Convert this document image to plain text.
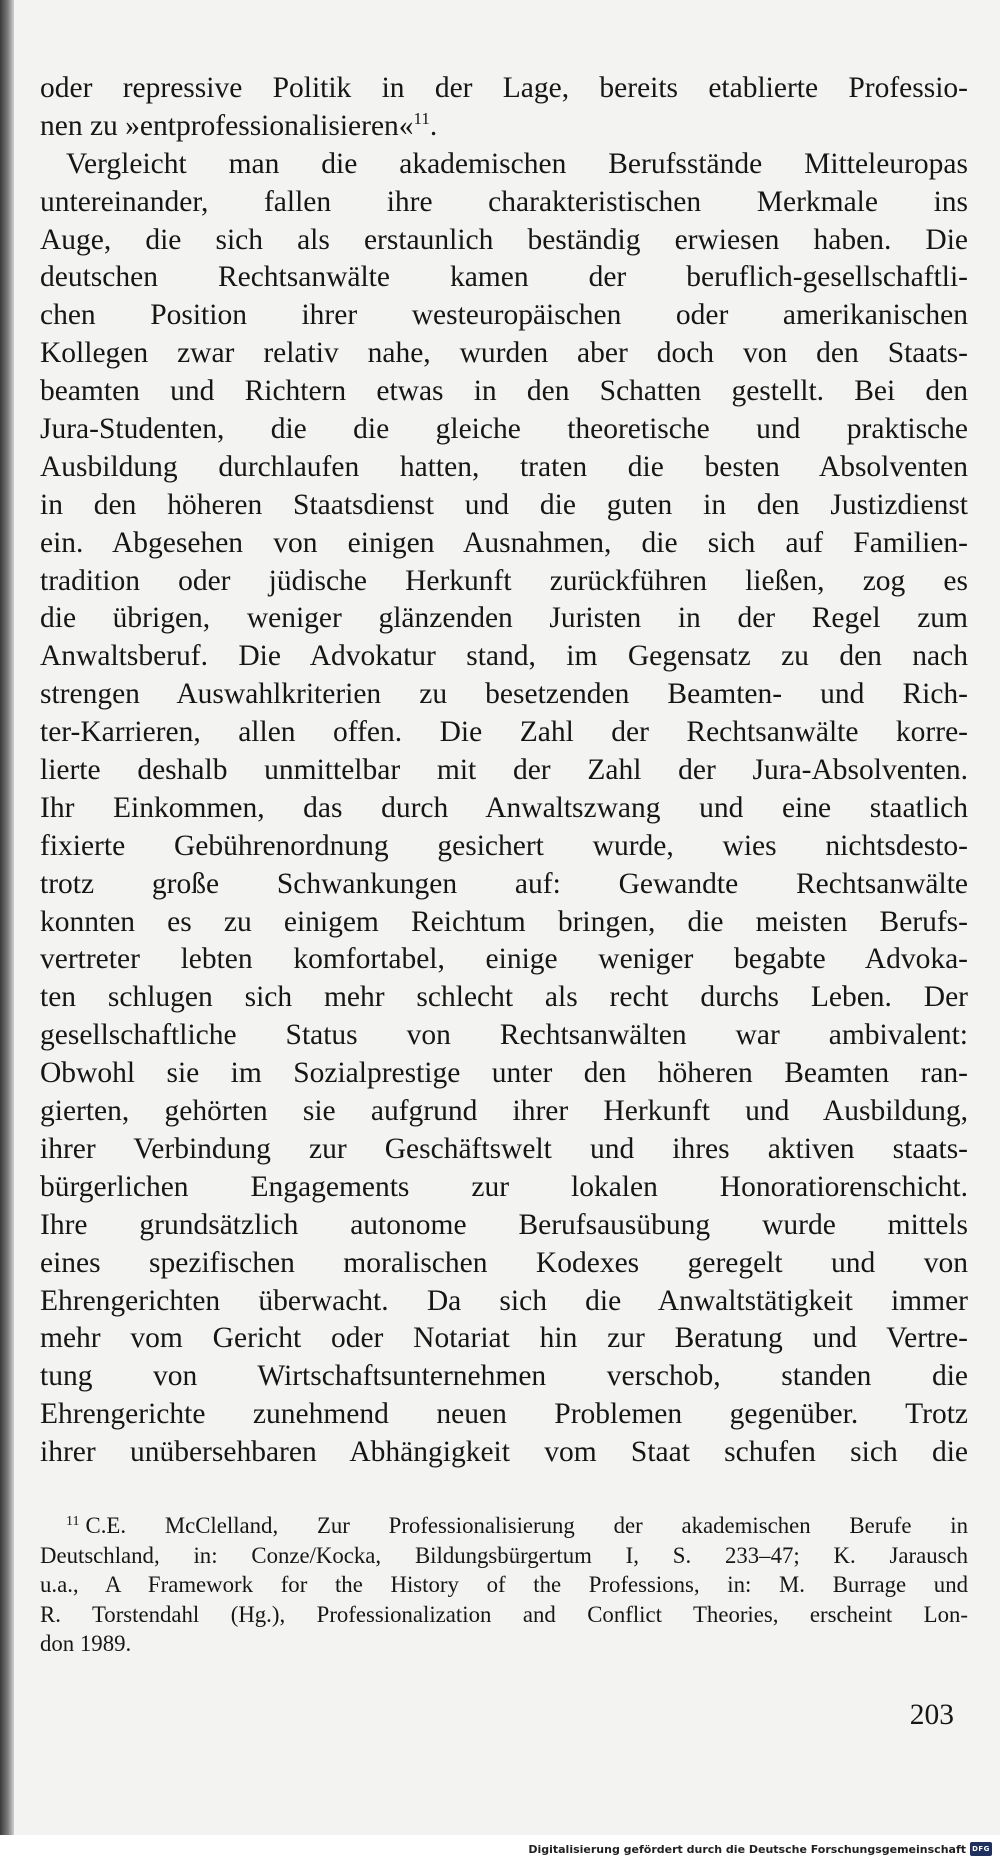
oder repressive Politik in der Lage, bereits etablierte Professio-
nen zu »entprofessionalisieren«$^{11}$.
Vergleicht man die akademischen Berufsstände Mitteleuropas
untereinander, fallen ihre charakteristischen Merkmale ins
Auge, die sich als erstaunlich beständig erwiesen haben. Die
deutschen Rechtsanwälte kamen der beruflich-gesellschaftli-
chen Position ihrer westeuropäischen oder amerikanischen
Kollegen zwar relativ nahe, wurden aber doch von den Staats-
beamten und Richtern etwas in den Schatten gestellt. Bei den
Jura-Studenten, die die gleiche theoretische und praktische
Ausbildung durchlaufen hatten, traten die besten Absolventen
in den höheren Staatsdienst und die guten in den Justizdienst
ein. Abgesehen von einigen Ausnahmen, die sich auf Familien-
tradition oder jüdische Herkunft zurückführen ließen, zog es
die übrigen, weniger glänzenden Juristen in der Regel zum
Anwaltsberuf. Die Advokatur stand, im Gegensatz zu den nach
strengen Auswahlkriterien zu besetzenden Beamten- und Rich-
ter-Karrieren, allen offen. Die Zahl der Rechtsanwälte korre-
lierte deshalb unmittelbar mit der Zahl der Jura-Absolventen.
Ihr Einkommen, das durch Anwaltszwang und eine staatlich
fixierte Gebührenordnung gesichert wurde, wies nichtsdesto-
trotz große Schwankungen auf: Gewandte Rechtsanwälte
konnten es zu einigem Reichtum bringen, die meisten Berufs-
vertreter lebten komfortabel, einige weniger begabte Advoka-
ten schlugen sich mehr schlecht als recht durchs Leben. Der
gesellschaftliche Status von Rechtsanwälten war ambivalent:
Obwohl sie im Sozialprestige unter den höheren Beamten ran-
gierten, gehörten sie aufgrund ihrer Herkunft und Ausbildung,
ihrer Verbindung zur Geschäftswelt und ihres aktiven staats-
bürgerlichen Engagements zur lokalen Honoratiorenschicht.
Ihre grundsätzlich autonome Berufsausübung wurde mittels
eines spezifischen moralischen Kodexes geregelt und von
Ehrengerichten überwacht. Da sich die Anwaltstätigkeit immer
mehr vom Gericht oder Notariat hin zur Beratung und Vertre-
tung von Wirtschaftsunternehmen verschob, standen die
Ehrengerichte zunehmend neuen Problemen gegenüber. Trotz
ihrer unübersehbaren Abhängigkeit vom Staat schufen sich die
$^{11}$ C.E. McClelland, Zur Professionalisierung der akademischen Berufe in
Deutschland, in: Conze/Kocka, Bildungsbürgertum I, S. 233–47; K. Jarausch
u.a., A Framework for the History of the Professions, in: M. Burrage und
R. Torstendahl (Hg.), Professionalization and Conflict Theories, erscheint Lon-
don 1989.
203
Digitalisierung gefördert durch die Deutsche Forschungsgemeinschaft DFG
